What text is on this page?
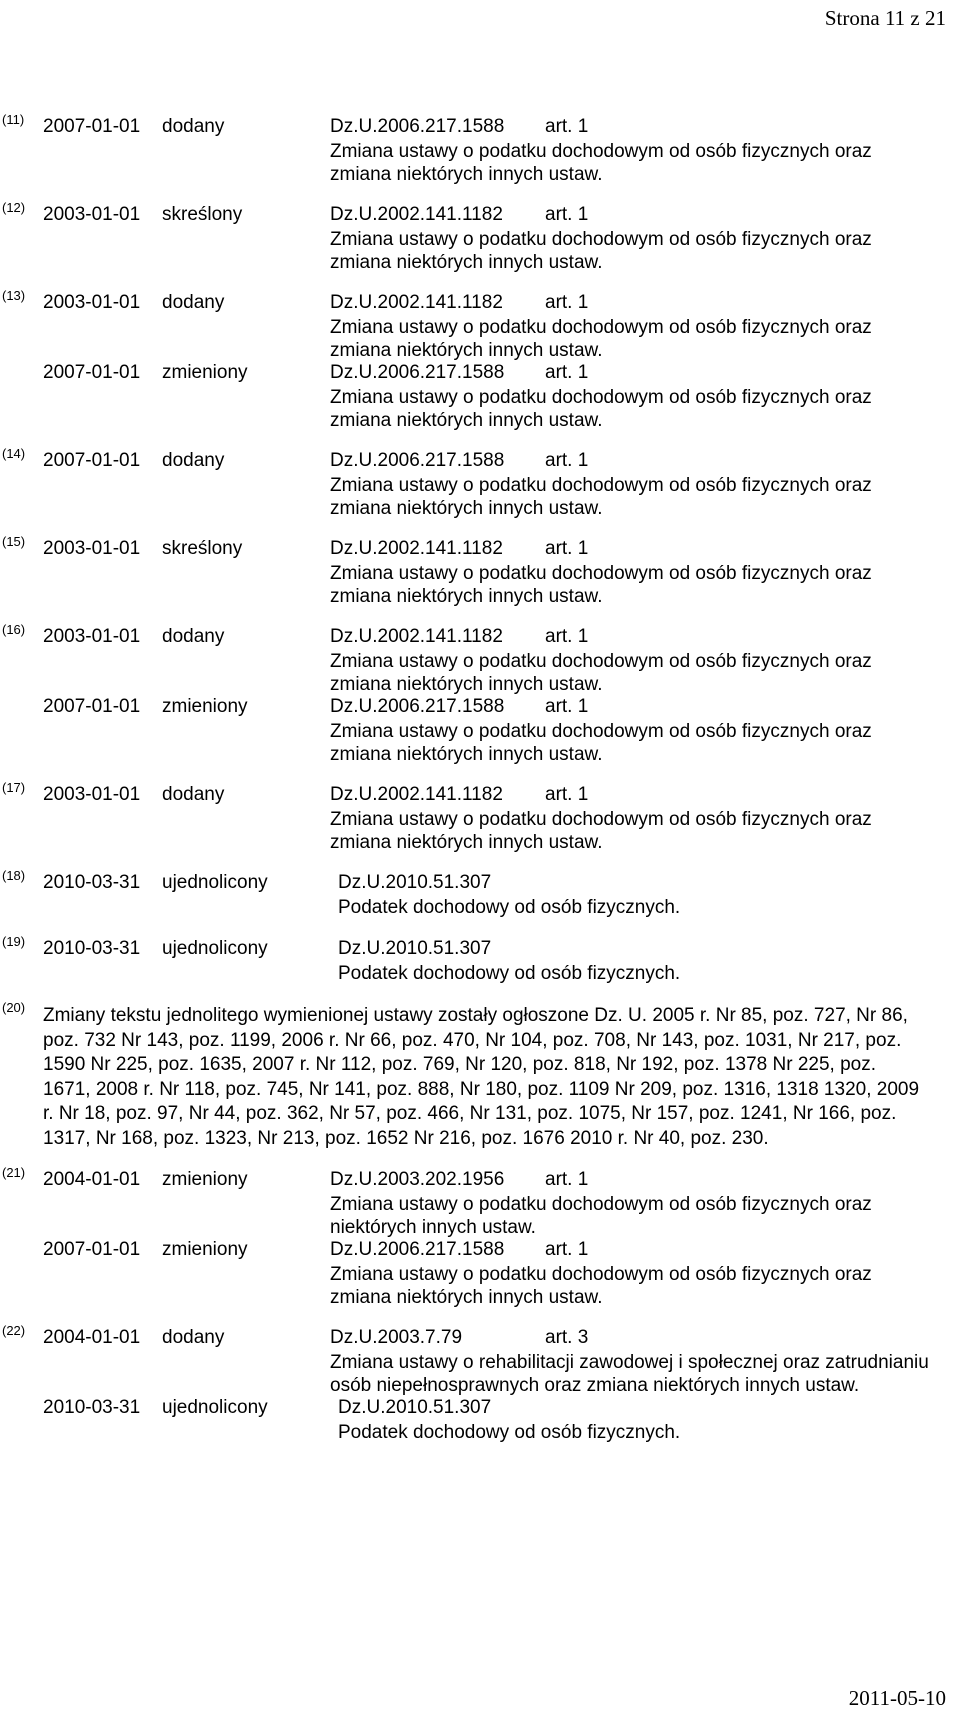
Strona 11 z 21
(11) 2007-01-01 dodany	Dz.U.2006.217.1588 art. 1
Zmiana ustawy o podatku dochodowym od osób fizycznych oraz zmiana niektórych innych ustaw.
(12) 2003-01-01 skreślony	Dz.U.2002.141.1182 art. 1
Zmiana ustawy o podatku dochodowym od osób fizycznych oraz zmiana niektórych innych ustaw.
(13) 2003-01-01 dodany	Dz.U.2002.141.1182 art. 1
Zmiana ustawy o podatku dochodowym od osób fizycznych oraz zmiana niektórych innych ustaw.
2007-01-01 zmieniony	Dz.U.2006.217.1588 art. 1
Zmiana ustawy o podatku dochodowym od osób fizycznych oraz zmiana niektórych innych ustaw.
(14) 2007-01-01 dodany	Dz.U.2006.217.1588 art. 1
Zmiana ustawy o podatku dochodowym od osób fizycznych oraz zmiana niektórych innych ustaw.
(15) 2003-01-01 skreślony	Dz.U.2002.141.1182 art. 1
Zmiana ustawy o podatku dochodowym od osób fizycznych oraz zmiana niektórych innych ustaw.
(16) 2003-01-01 dodany	Dz.U.2002.141.1182 art. 1
Zmiana ustawy o podatku dochodowym od osób fizycznych oraz zmiana niektórych innych ustaw.
2007-01-01 zmieniony	Dz.U.2006.217.1588 art. 1
Zmiana ustawy o podatku dochodowym od osób fizycznych oraz zmiana niektórych innych ustaw.
(17) 2003-01-01 dodany	Dz.U.2002.141.1182 art. 1
Zmiana ustawy o podatku dochodowym od osób fizycznych oraz zmiana niektórych innych ustaw.
(18) 2010-03-31 ujednolicony	Dz.U.2010.51.307
Podatek dochodowy od osób fizycznych.
(19) 2010-03-31 ujednolicony	Dz.U.2010.51.307
Podatek dochodowy od osób fizycznych.
(20) Zmiany tekstu jednolitego wymienionej ustawy zostały ogłoszone Dz. U. 2005 r. Nr 85, poz. 727, Nr 86, poz. 732 Nr 143, poz. 1199, 2006 r. Nr 66, poz. 470, Nr 104, poz. 708, Nr 143, poz. 1031, Nr 217, poz. 1590 Nr 225, poz. 1635, 2007 r. Nr 112, poz. 769, Nr 120, poz. 818, Nr 192, poz. 1378 Nr 225, poz. 1671, 2008 r. Nr 118, poz. 745, Nr 141, poz. 888, Nr 180, poz. 1109 Nr 209, poz. 1316, 1318 1320, 2009 r. Nr 18, poz. 97, Nr 44, poz. 362, Nr 57, poz. 466, Nr 131, poz. 1075, Nr 157, poz. 1241, Nr 166, poz. 1317, Nr 168, poz. 1323, Nr 213, poz. 1652 Nr 216, poz. 1676 2010 r. Nr 40, poz. 230.
(21) 2004-01-01 zmieniony	Dz.U.2003.202.1956 art. 1
Zmiana ustawy o podatku dochodowym od osób fizycznych oraz niektórych innych ustaw.
2007-01-01 zmieniony	Dz.U.2006.217.1588 art. 1
Zmiana ustawy o podatku dochodowym od osób fizycznych oraz zmiana niektórych innych ustaw.
(22) 2004-01-01 dodany	Dz.U.2003.7.79	art. 3
Zmiana ustawy o rehabilitacji zawodowej i społecznej oraz zatrudnianiu osób niepełnosprawnych oraz zmiana niektórych innych ustaw.
2010-03-31 ujednolicony	Dz.U.2010.51.307
Podatek dochodowy od osób fizycznych.
2011-05-10
